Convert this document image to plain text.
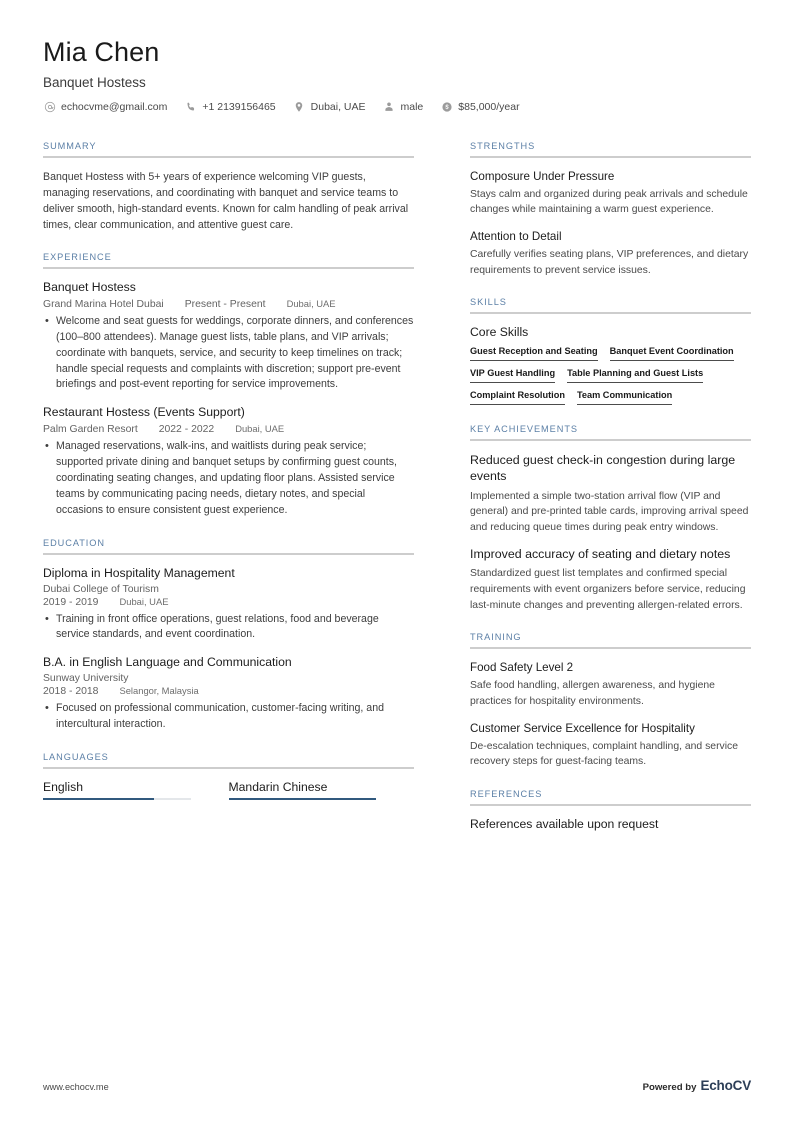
Mia Chen
Banquet Hostess
echocvme@gmail.com	+1 2139156465	Dubai, UAE	male	$85,000/year
SUMMARY
Banquet Hostess with 5+ years of experience welcoming VIP guests, managing reservations, and coordinating with banquet and service teams to deliver smooth, high-standard events. Known for calm handling of peak arrival times, clear communication, and attentive guest care.
EXPERIENCE
Banquet Hostess
Grand Marina Hotel Dubai Present - Present Dubai, UAE
• Welcome and seat guests for weddings, corporate dinners, and conferences (100–800 attendees). Manage guest lists, table plans, and VIP arrivals; coordinate with banquets, service, and security to keep timelines on track; handle special requests and complaints with discretion; support pre-event briefings and post-event reporting for service improvements.
Restaurant Hostess (Events Support)
Palm Garden Resort 2022 - 2022 Dubai, UAE
• Managed reservations, walk-ins, and waitlists during peak service; supported private dining and banquet setups by confirming guest counts, coordinating seating changes, and updating floor plans. Assisted service teams by communicating pacing needs, dietary notes, and special occasions to ensure consistent guest experience.
EDUCATION
Diploma in Hospitality Management
Dubai College of Tourism
2019 - 2019 Dubai, UAE
• Training in front office operations, guest relations, food and beverage service standards, and event coordination.
B.A. in English Language and Communication
Sunway University
2018 - 2018 Selangor, Malaysia
• Focused on professional communication, customer-facing writing, and intercultural interaction.
LANGUAGES
English	Mandarin Chinese
STRENGTHS
Composure Under Pressure
Stays calm and organized during peak arrivals and schedule changes while maintaining a warm guest experience.
Attention to Detail
Carefully verifies seating plans, VIP preferences, and dietary requirements to prevent service issues.
SKILLS
Core Skills
Guest Reception and Seating Banquet Event Coordination
VIP Guest Handling Table Planning and Guest Lists
Complaint Resolution Team Communication
KEY ACHIEVEMENTS
Reduced guest check-in congestion during large events
Implemented a simple two-station arrival flow (VIP and general) and pre-printed table cards, improving arrival speed and reducing queue times during peak entry windows.
Improved accuracy of seating and dietary notes
Standardized guest list templates and confirmed special requirements with event organizers before service, reducing last-minute changes and preventing allergen-related errors.
TRAINING
Food Safety Level 2
Safe food handling, allergen awareness, and hygiene practices for hospitality environments.
Customer Service Excellence for Hospitality
De-escalation techniques, complaint handling, and service recovery steps for guest-facing teams.
REFERENCES
References available upon request
www.echocv.me	Powered by EchoCV
